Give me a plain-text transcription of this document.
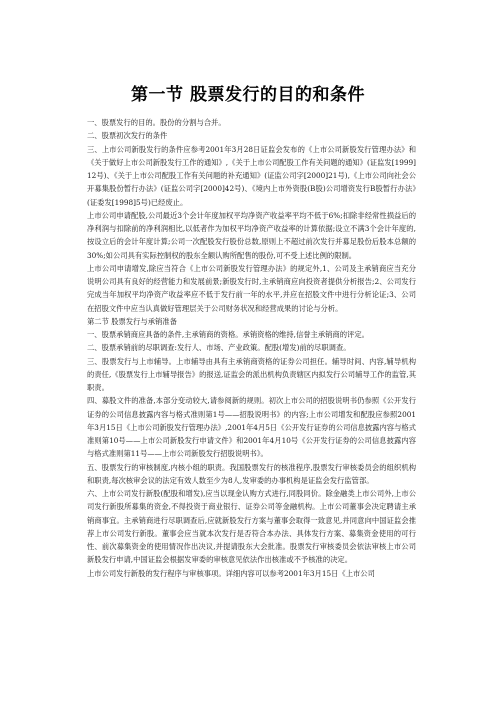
第一节 股票发行的目的和条件

一、股票发行的目的。股份的分割与合并。

二、股票初次发行的条件

三、上市公司新股发行的条件应参考2001年3月28日证监会发布的《上市公司新股发行管理办法》和《关于做好上市公司新股发行工作的通知》,《关于上市公司配股工作有关问题的通知》(证监发[1999]12号)、《关于上市公司配股工作有关问题的补充通知》(证监公司字[2000]21号),《上市公司向社会公开募集股份暂行办法》(证监公司字[2000]42号)、《境内上市外资股(B股)公司增资发行B股暂行办法》(证委发[1998]5号)已经废止。

上市公司申请配股,公司最近3个会计年度加权平均净资产收益率平均不低于6%;扣除非经常性损益后的净利润与扣除前的净利润相比,以低者作为加权平均净资产收益率的计算依据;设立不满3个会计年度的,按设立后的会计年度计算;公司一次配股发行股份总数,原则上不超过前次发行并募足股份后股本总额的30%;如公司具有实际控制权的股东全额认购所配售的股份,可不受上述比例的限制。

上市公司申请增发,除应当符合《上市公司新股发行管理办法》的规定外,1、公司及主承销商应当充分说明公司具有良好的经营能力和发展前景;新股发行时,主承销商应向投资者提供分析报告;2、公司发行完成当年加权平均净资产收益率应不低于发行前一年的水平,并应在招股文件中进行分析论证;3、公司在招股文件中应当认真做好管理层关于公司财务状况和经营成果的讨论与分析。

第二节 股票发行与承销准备

一、股票承销商应具备的条件,主承销商的资格。承销资格的维持,信誉主承销商的评定。

二、股票承销前的尽职调查:发行人、市场、产业政策。配股(增发)前的尽职调查。

三、股票发行与上市辅导。上市辅导由具有主承销商资格的证券公司担任。辅导时间、内容,辅导机构的责任,《股票发行上市辅导报告》的报送,证监会的派出机构负责辖区内拟发行公司辅导工作的监管,其职责。

四、募股文件的准备,本部分变动较大,请参阅新的规则。初次上市公司的招股说明书仍参照《公开发行证券的公司信息披露内容与格式准则第1号——招股说明书》的内容;上市公司增发和配股应参照2001年3月15日《上市公司新股发行管理办法》,2001年4月5日《公开发行证券的公司信息披露内容与格式准则第10号——上市公司新股发行申请文件》和2001年4月10号《公开发行证券的公司信息披露内容与格式准则第11号——上市公司新股发行招股说明书》。

五、股票发行的审核制度,内核小组的职责。我国股票发行的核准程序,股票发行审核委员会的组织机构和职责,每次核审会议的法定有效人数至少为8人,发审委的办事机构是证监会发行监管部。

六、上市公司发行新股(配股和增发),应当以现金认购方式进行,同股同价。除金融类上市公司外,上市公司发行新股所募集的资金,不得投资于商业银行、证券公司等金融机构。上市公司董事会决定聘请主承销商事宜。主承销商进行尽职调查后,应就新股发行方案与董事会取得一致意见,并同意向中国证监会推荐上市公司发行新股。董事会应当就本次发行是否符合本办法、具体发行方案、募集资金使用的可行性、前次募集资金的使用情况作出决议,并提请股东大会批准。股票发行审核委员会依法审核上市公司新股发行申请,中国证监会根据发审委的审核意见依法作出核准或不予核准的决定。

上市公司发行新股的发行程序与审核事项。详细内容可以参考2001年3月15日《上市公司
